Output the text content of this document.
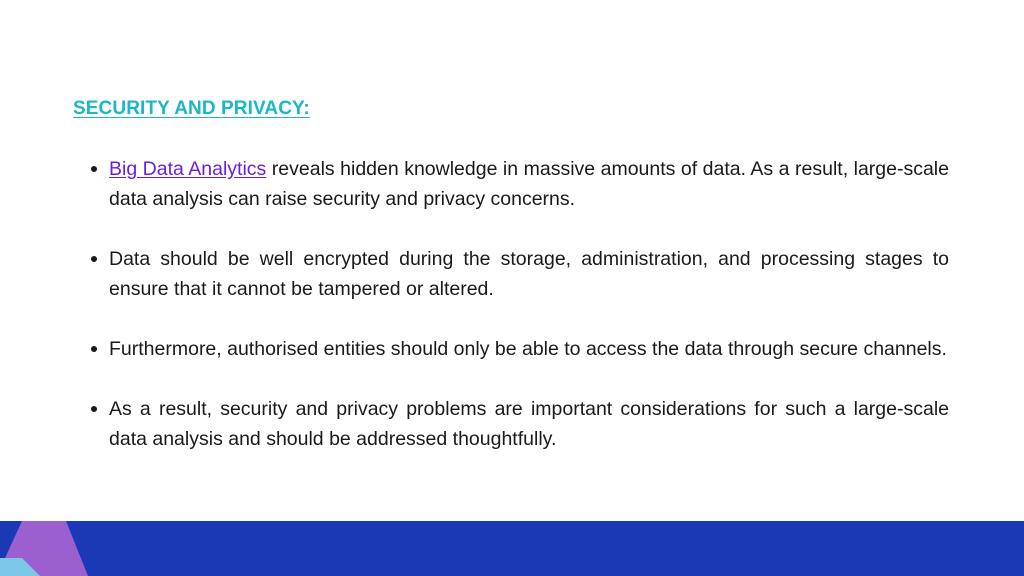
SECURITY AND PRIVACY:
Big Data Analytics reveals hidden knowledge in massive amounts of data. As a result, large-scale data analysis can raise security and privacy concerns.
Data should be well encrypted during the storage, administration, and processing stages to ensure that it cannot be tampered or altered.
Furthermore, authorised entities should only be able to access the data through secure channels.
As a result, security and privacy problems are important considerations for such a large-scale data analysis and should be addressed thoughtfully.
